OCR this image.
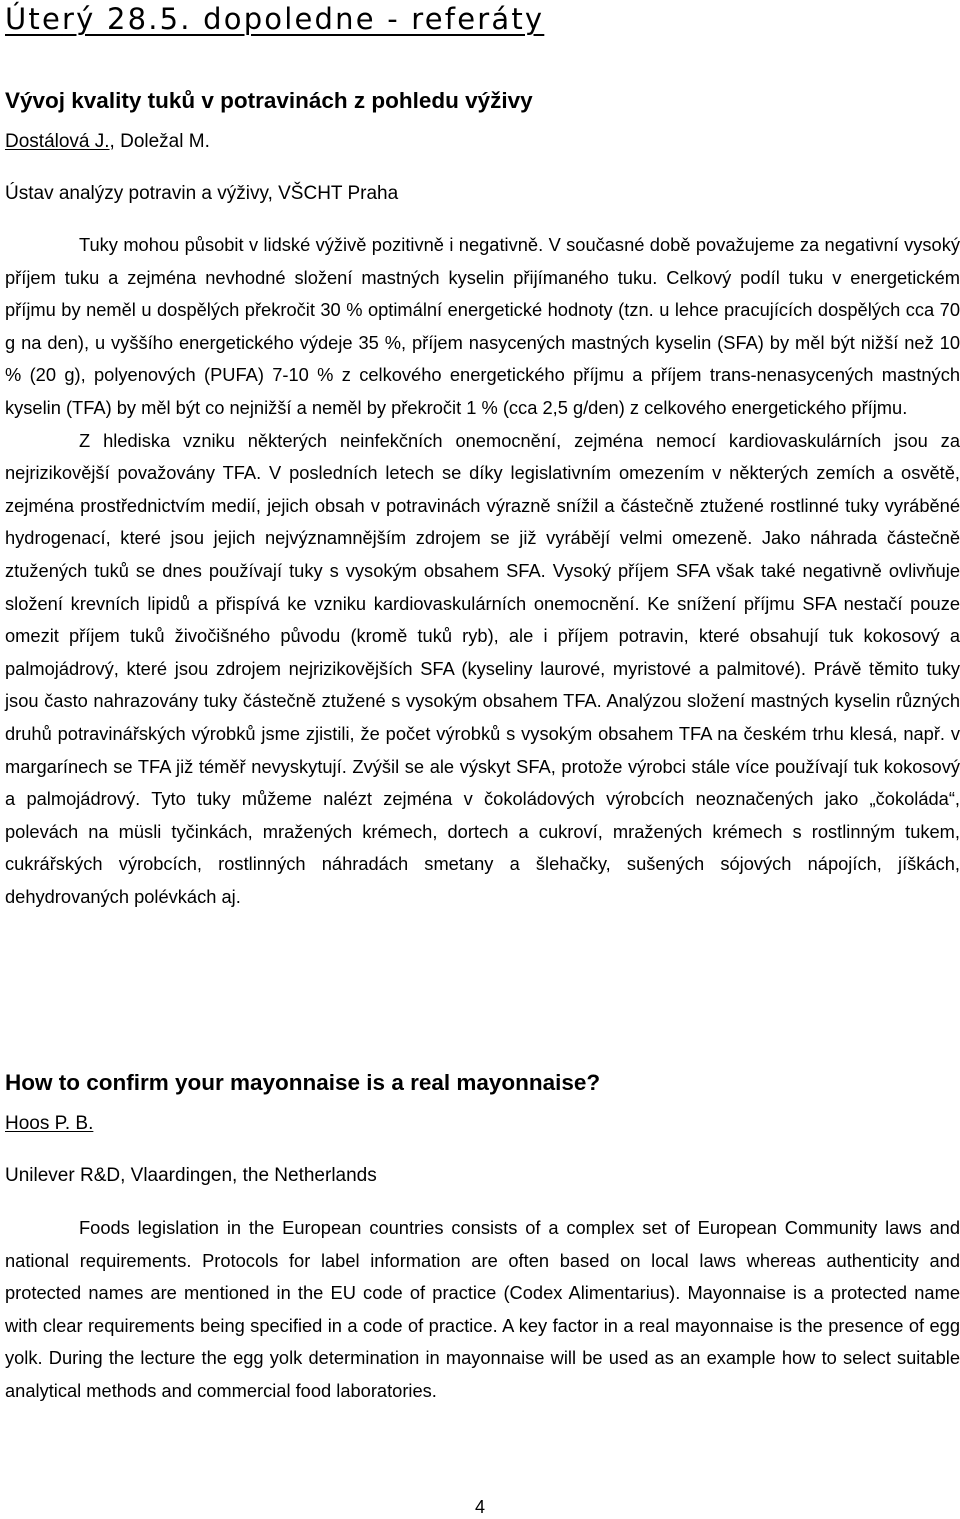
Úterý 28.5. dopoledne - referáty
Vývoj kvality tuků v potravinách z pohledu výživy
Dostálová J., Doležal M.
Ústav analýzy potravin a výživy, VŠCHT Praha

Tuky mohou působit v lidské výživě pozitivně i negativně. V současné době považujeme za negativní vysoký příjem tuku a zejména nevhodné složení mastných kyselin přijímaného tuku. Celkový podíl tuku v energetickém příjmu by neměl u dospělých překročit 30 % optimální energetické hodnoty (tzn. u lehce pracujících dospělých cca 70 g na den), u vyššího energetického výdeje 35 %, příjem nasycených mastných kyselin (SFA) by měl být nižší než 10 % (20 g), polyenových (PUFA) 7-10 % z celkového energetického příjmu a příjem trans-nenasycených mastných kyselin (TFA) by měl být co nejnižší a neměl by překročit 1 % (cca 2,5 g/den) z celkového energetického příjmu.

Z hlediska vzniku některých neinfekčních onemocnění, zejména nemocí kardiovaskulárních jsou za nejrizikovější považovány TFA. V posledních letech se díky legislativním omezením v některých zemích a osvětě, zejména prostřednictvím medií, jejich obsah v potravinách výrazně snížil a částečně ztužené rostlinné tuky vyráběné hydrogenací, které jsou jejich nejvýznamnějším zdrojem se již vyrábějí velmi omezeně. Jako náhrada částečně ztužených tuků se dnes používají tuky s vysokým obsahem SFA. Vysoký příjem SFA však také negativně ovlivňuje složení krevních lipidů a přispívá ke vzniku kardiovaskulárních onemocnění. Ke snížení příjmu SFA nestačí pouze omezit příjem tuků živočišného původu (kromě tuků ryb), ale i příjem potravin, které obsahují tuk kokosový a palmojádrový, které jsou zdrojem nejrizikovějších SFA (kyseliny laurové, myristové a palmitové). Právě těmito tuky jsou často nahrazovány tuky částečně ztužené s vysokým obsahem TFA. Analýzou složení mastných kyselin různých druhů potravinářských výrobků jsme zjistili, že počet výrobků s vysokým obsahem TFA na českém trhu klesá, např. v margarínech se TFA již téměř nevyskytují. Zvýšil se ale výskyt SFA, protože výrobci stále více používají tuk kokosový a palmojádrový. Tyto tuky můžeme nalézt zejména v čokoládových výrobcích neoznačených jako „čokoláda“, polevách na müsli tyčinkách, mražených krémech, dortech a cukroví, mražených krémech s rostlinným tukem, cukrářských výrobcích, rostlinných náhradách smetany a šlehačky, sušených sójových nápojích, jíškách, dehydrovaných polévkách aj.

How to confirm your mayonnaise is a real mayonnaise?
Hoos P. B.
Unilever R&D, Vlaardingen, the Netherlands

Foods legislation in the European countries consists of a complex set of European Community laws and national requirements. Protocols for label information are often based on local laws whereas authenticity and protected names are mentioned in the EU code of practice (Codex Alimentarius). Mayonnaise is a protected name with clear requirements being specified in a code of practice. A key factor in a real mayonnaise is the presence of egg yolk. During the lecture the egg yolk determination in mayonnaise will be used as an example how to select suitable analytical methods and commercial food laboratories.

4
